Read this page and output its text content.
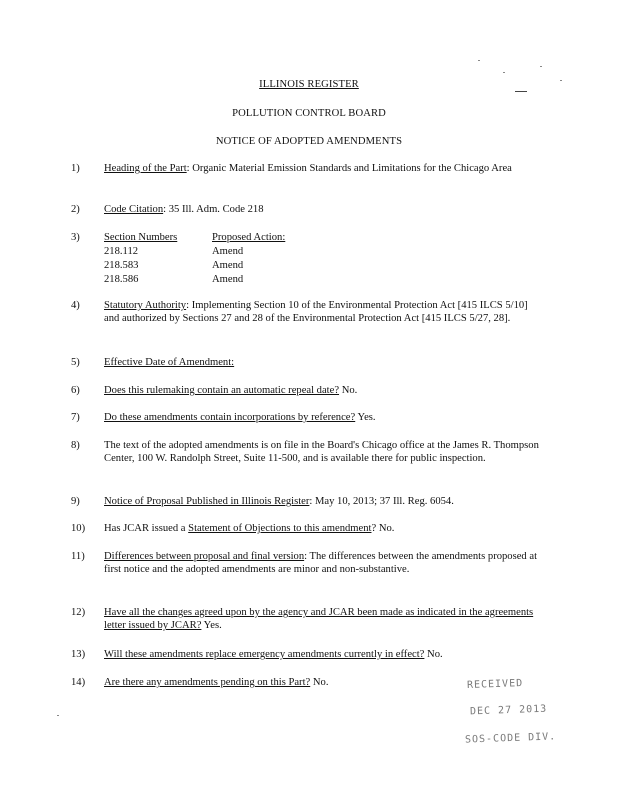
ILLINOIS REGISTER
POLLUTION CONTROL BOARD
NOTICE OF ADOPTED AMENDMENTS
1)	Heading of the Part: Organic Material Emission Standards and Limitations for the Chicago Area
2)	Code Citation: 35 Ill. Adm. Code 218
3)	Section Numbers	Proposed Action:
218.112	Amend
218.583	Amend
218.586	Amend
4)	Statutory Authority: Implementing Section 10 of the Environmental Protection Act [415 ILCS 5/10] and authorized by Sections 27 and 28 of the Environmental Protection Act [415 ILCS 5/27, 28].
5)	Effective Date of Amendment:
6)	Does this rulemaking contain an automatic repeal date? No.
7)	Do these amendments contain incorporations by reference? Yes.
8)	The text of the adopted amendments is on file in the Board's Chicago office at the James R. Thompson Center, 100 W. Randolph Street, Suite 11-500, and is available there for public inspection.
9)	Notice of Proposal Published in Illinois Register: May 10, 2013; 37 Ill. Reg. 6054.
10)	Has JCAR issued a Statement of Objections to this amendment? No.
11)	Differences between proposal and final version: The differences between the amendments proposed at first notice and the adopted amendments are minor and non-substantive.
12)	Have all the changes agreed upon by the agency and JCAR been made as indicated in the agreements letter issued by JCAR? Yes.
13)	Will these amendments replace emergency amendments currently in effect? No.
14)	Are there any amendments pending on this Part? No.	RECEIVED
DEC 27 2013
SOS-CODE DIV.
